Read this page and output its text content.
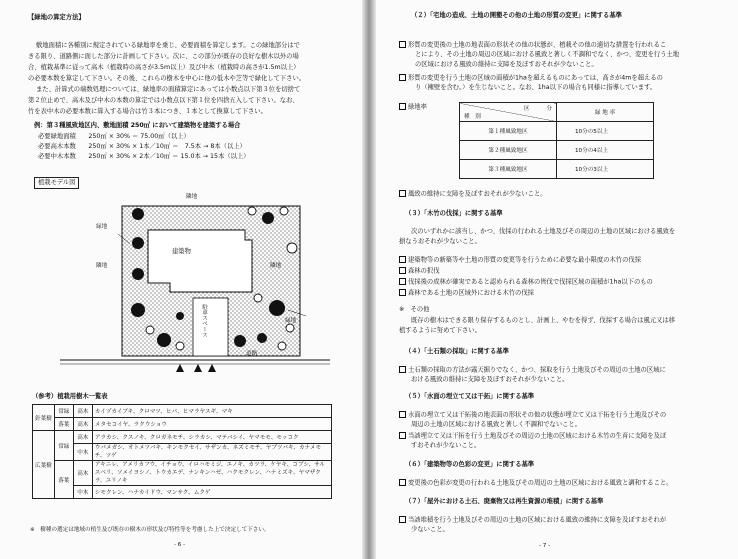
【緑地の算定方法】
敷地面積に各種別に規定されている緑地率を乗じ、必要面積を算定します。この緑地部分はで
きる限り、道路側に面した部分に計画して下さい。次に、この部分が既存の良好な樹木以外の場
合、植栽基準に従って高木（植栽時の高さが3.5m以上）及び中木（植栽時の高さが1.5m以上）
の必要本数を算定して下さい。その後、これらの樹木を中心に他の低木や芝等で緑化して下さい。
また、計算式の端数処理については、緑地率の面積算定にあっては小数点以下第３位を切捨て
第２位止めで、高木及び中木の本数の算定では小数点以下第１位を四捨五入して下さい。なお、
竹を表中木の必要本数に算入する場合は竹３本につき、１本として換算して下さい。
例：第３種風致地区内、敷地面積 250㎡ において建築物を建築する場合
必要緑地面積　　250㎡ × 30% ＝ 75.00㎡（以上）
必要高木本数　　250㎡ × 30% × 1本／10㎡ ＝　7.5本 → 8本（以上）
必要中木本数　　250㎡ × 30% × 2本／10㎡ ＝ 15.0本 → 15本（以上）
植栽モデル図
隣地
緑地
隣地	隣地
建築物
緑地
駐車スペース
道路
（参考）植栽用樹木一覧表
針葉樹	常緑	高木	カイヅカイブキ、クロマツ、ヒバ、ヒマラヤスギ、マキ
	落葉	高木	メタセコイヤ、ラクウショウ
広葉樹	常緑	高木	アラカシ、クスノキ、クロガネモチ、シラカシ、マテバシイ、ヤマモモ、モッコク
		中木	ウバメガシ、オトメツバキ、キンモクセイ、サザンカ、ネズミモチ、ヤブツバキ、カナメモチ、ツゲ
	落葉	高木	アキニレ、アメリカフウ、イチョウ、イロハモミジ、エノキ、カツラ、ケヤキ、コブシ、サルスベリ、ソメイヨシノ、トウカエデ、ナンキンハゼ、ハクモクレン、ハナミズキ、ヤマザクラ、ユリノキ
		中木	シモクレン、ハナカイドウ、マンサク、ムクゲ
※　樹種の選定は地域の植生及び既存の樹木の形状及び特性等を考慮した上で決定して下さい。
- 6 -
（２）「宅地の造成、土地の開墾その他の土地の形質の変更」に関する基準
形質の変更後の土地の地表面の形状その他の状態が、植栽その他の適切な措置を行われるこ
とにより、その土地の周辺の区域における風致と著しく不調和でなく、かつ、変更を行う土地
の区域における風致の維持に支障を及ぼすおそれが少ないこと。
形質の変更を行う土地の区域の面積が1haを超えるものにあっては、高さが4mを超えるの
り（擁壁を含む。）を生じないこと。なお、1ha以下の場合も同様に指導しています。
緑地率	区　　　分
種　別	緑 地 率
第１種風致地区	10分の5以上
第２種風致地区	10分の4以上
第３種風致地区	10分の3以上
風致の維持に支障を及ぼすおそれが少ないこと。
（３）「木竹の伐採」に関する基準
次のいずれかに該当し、かつ、伐採の行われる土地及びその周辺の土地の区域における風致を
損なうおそれが少ないこと。
建築物等の新築等や土地の形質の変更等を行うために必要な最小限度の木竹の伐採
森林の択伐
伐採後の成林が確実であると認められる森林の皆伐で伐採区域の面積が1ha以下のもの
森林である土地の区域外における木竹の伐採
※　その他
既存の樹木はできる限り保存するものとし、計画上、やむを得ず、伐採する場合は風元又は移
植するように努めて下さい。
（４）「土石類の採取」に関する基準
土石類の採取の方法が露天掘りでなく、かつ、採取を行う土地及びその周辺の土地の区域に
おける風致の維持に支障を及ぼすおそれが少ないこと。
（５）「水面の埋立て又は干拓」に関する基準
水面の埋立て又は干拓後の地表面の形状その他の状態が埋立て又は干拓を行う土地及びその
周辺の土地の区域における風致と著しく不調和でないこと。
当該埋立て又は干拓を行う土地及びその周辺の土地の区域における木竹の生育に支障を及ぼ
すおそれが少ないこと。
（６）「建築物等の色彩の変更」に関する基準
変更後の色彩が変更の行われる土地及びその周辺の土地の区域における風致と調和すること。
（７）「屋外における土石、廃棄物又は再生資源の堆積」に関する基準
当該堆積を行う土地及びその周辺の土地の区域における風致の維持に支障を及ぼすおそれが
少ないこと。
- 7 -
